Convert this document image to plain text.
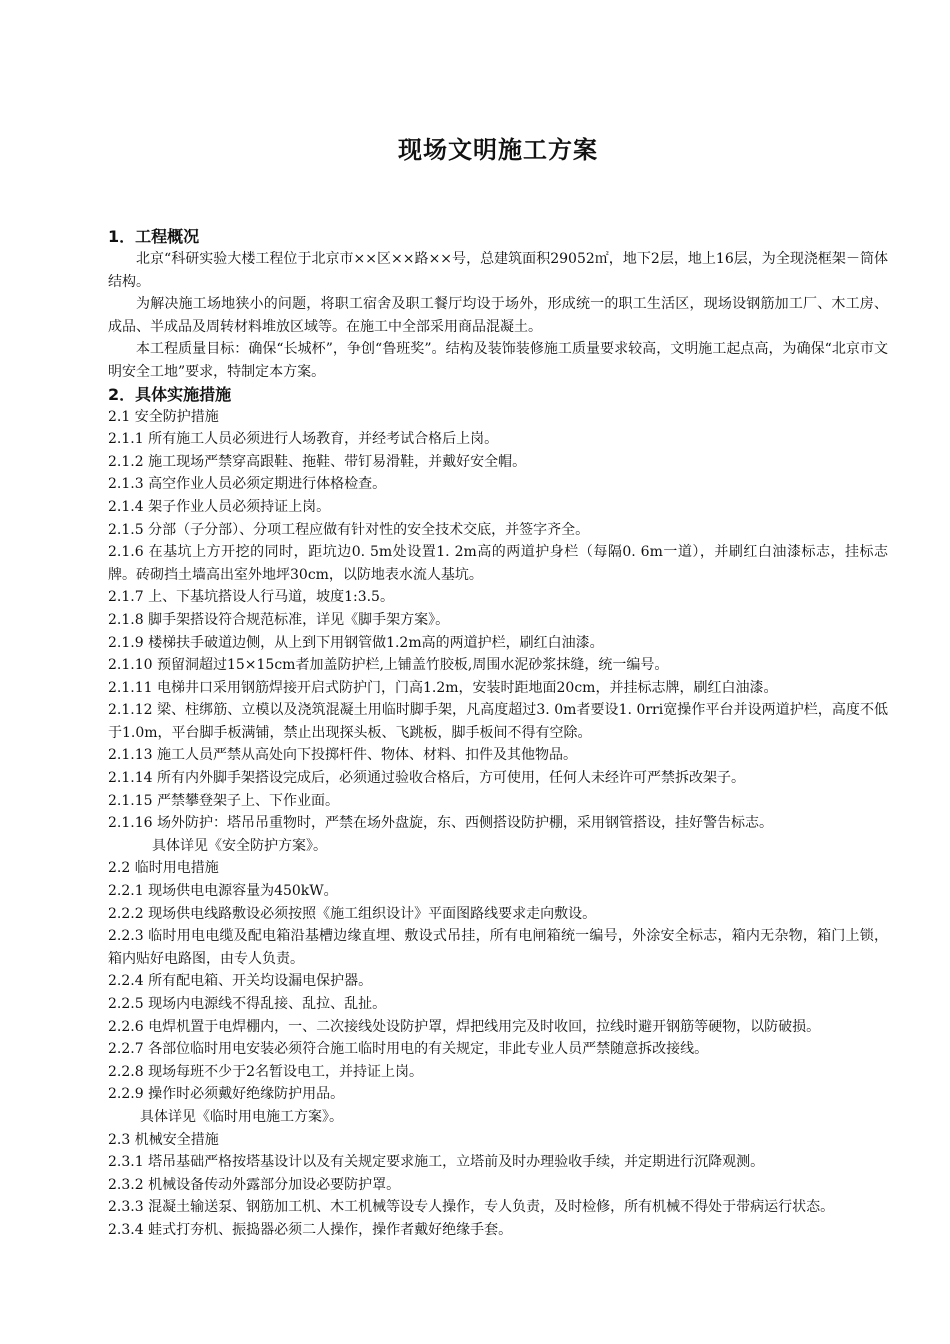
现场文明施工方案
1．工程概况

北京“科研实验大楼工程位于北京市××区××路××号，总建筑面积29052㎡，地下2层，地上16层，为全现浇框架－筒体结构。

为解决施工场地狭小的问题，将职工宿舍及职工餐厅均设于场外，形成统一的职工生活区，现场设钢筋加工厂、木工房、成品、半成品及周转材料堆放区域等。在施工中全部采用商品混凝土。

本工程质量目标：确保“长城杯”，争创“鲁班奖”。结构及装饰装修施工质量要求较高，文明施工起点高，为确保“北京市文明安全工地”要求，特制定本方案。

2．具体实施措施

2.1 安全防护措施

2.1.1 所有施工人员必须进行人场教育，并经考试合格后上岗。

2.1.2 施工现场严禁穿高跟鞋、拖鞋、带钉易滑鞋，并戴好安全帽。

2.1.3 高空作业人员必须定期进行体格检查。

2.1.4 架子作业人员必须持证上岗。

2.1.5 分部（子分部）、分项工程应做有针对性的安全技术交底，并签字齐全。

2.1.6 在基坑上方开挖的同时，距坑边0. 5m处设置1. 2m高的两道护身栏（每隔0. 6m一道），并刷红白油漆标志，挂标志牌。砖砌挡土墙高出室外地坪30cm，以防地表水流人基坑。

2.1.7 上、下基坑搭设人行马道，坡度1:3.5。

2.1.8 脚手架搭设符合规范标准，详见《脚手架方案》。

2.1.9 楼梯扶手破道边侧，从上到下用钢管做1.2m高的两道护栏，刷红白油漆。

2.1.10 预留洞超过15×15cm者加盖防护栏,上铺盖竹胶板,周围水泥砂浆抹缝，统一编号。

2.1.11 电梯井口采用钢筋焊接开启式防护门，门高1.2m，安装时距地面20cm，并挂标志牌，刷红白油漆。

2.1.12 梁、柱绑筋、立模以及浇筑混凝土用临时脚手架，凡高度超过3. 0m者要设1. 0rri宽操作平台并设两道护栏，高度不低于1.0m，平台脚手板满铺，禁止出现探头板、飞跳板，脚手板间不得有空除。

2.1.13 施工人员严禁从高处向下投掷杆件、物体、材料、扣件及其他物品。

2.1.14 所有内外脚手架搭设完成后，必须通过验收合格后，方可使用，任何人未经许可严禁拆改架子。

2.1.15 严禁攀登架子上、下作业面。

2.1.16 场外防护：塔吊吊重物时，严禁在场外盘旋，东、西侧搭设防护棚，采用钢管搭设，挂好警告标志。

具体详见《安全防护方案》。

2.2 临时用电措施

2.2.1 现场供电电源容量为450kW。

2.2.2 现场供电线路敷设必须按照《施工组织设计》平面图路线要求走向敷设。

2.2.3 临时用电电缆及配电箱沿基槽边缘直埋、敷设式吊挂，所有电闸箱统一编号，外涂安全标志，箱内无杂物，箱门上锁，箱内贴好电路图，由专人负责。

2.2.4 所有配电箱、开关均设漏电保护器。

2.2.5 现场内电源线不得乱接、乱拉、乱扯。

2.2.6 电焊机置于电焊棚内，一、二次接线处设防护罩，焊把线用完及时收回，拉线时避开钢筋等硬物，以防破损。

2.2.7 各部位临时用电安装必须符合施工临时用电的有关规定，非此专业人员严禁随意拆改接线。

2.2.8 现场每班不少于2名暂设电工，并持证上岗。

2.2.9 操作时必须戴好绝缘防护用品。

具体详见《临时用电施工方案》。

2.3 机械安全措施

2.3.1 塔吊基础严格按塔基设计以及有关规定要求施工，立塔前及时办理验收手续，并定期进行沉降观测。

2.3.2 机械设备传动外露部分加设必要防护罩。

2.3.3 混凝土输送泵、钢筋加工机、木工机械等设专人操作，专人负责，及时检修，所有机械不得处于带病运行状态。

2.3.4 蛙式打夯机、振捣器必须二人操作，操作者戴好绝缘手套。
